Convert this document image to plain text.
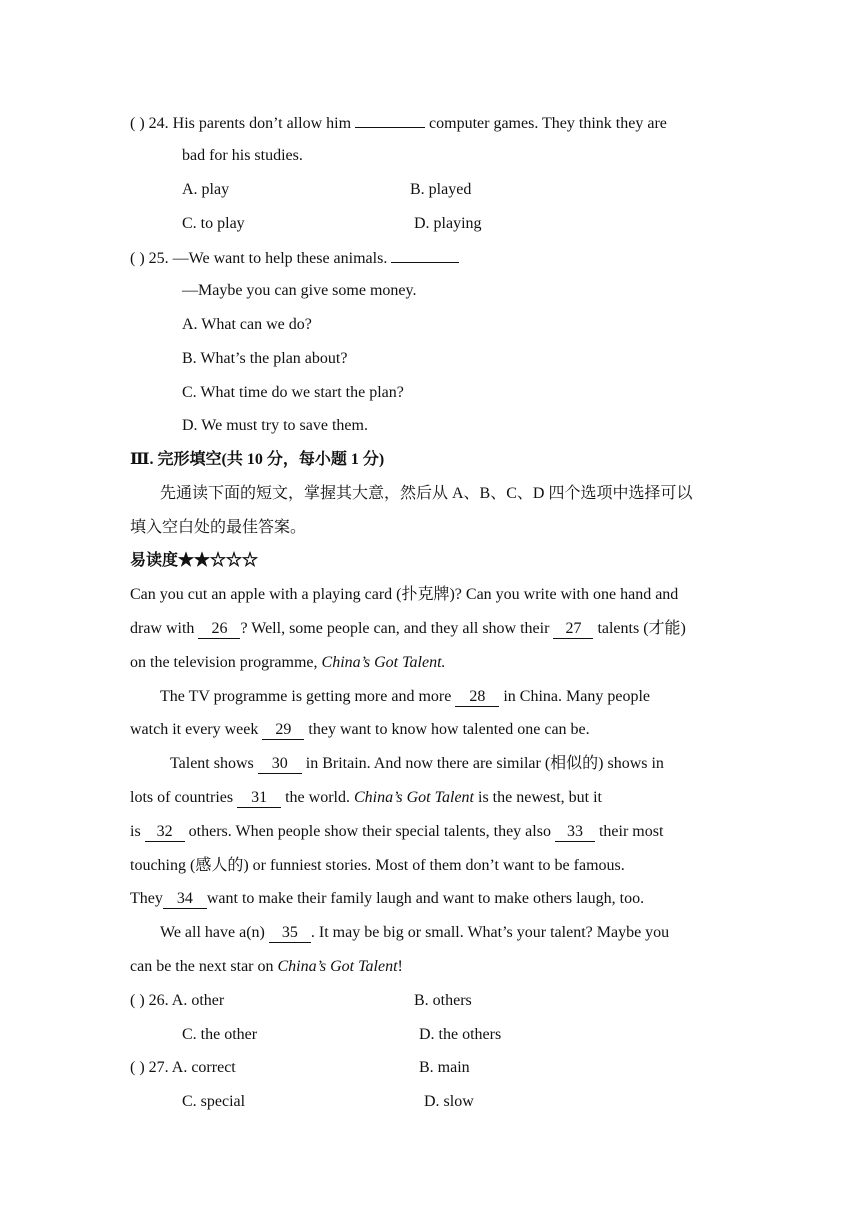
( ) 24. His parents don’t allow him	computer games. They think they are
bad for his studies.
A. play	B. played
C. to play	D. playing
( ) 25. —We want to help these animals.
—Maybe you can give some money.
A. What can we do?
B. What’s the plan about?
C. What time do we start the plan?
D. We must try to save them.
Ⅲ. 完形填空(共 10 分，每小题 1 分)
先通读下面的短文，掌握其大意，然后从 A、B、C、D 四个选项中选择可以
填入空白处的最佳答案。
易读度★★☆☆☆
Can you cut an apple with a playing card (扑克牌)? Can you write with one hand and
draw with 26 ? Well, some people can, and they all show their 27 talents (才能)
on the television programme, China’s Got Talent.
The TV programme is getting more and more 28 in China. Many people
watch it every week 29 they want to know how talented one can be.
Talent shows 30 in Britain. And now there are similar (相似的) shows in
lots of countries 31 the world. China’s Got Talent is the newest, but it
is 32 others. When people show their special talents, they also 33 their most
touching (感人的) or funniest stories. Most of them don’t want to be famous.
They 34 want to make their family laugh and want to make others laugh, too.
We all have a(n) 35 . It may be big or small. What’s your talent? Maybe you
can be the next star on China’s Got Talent!
( ) 26. A. other	B. others
C. the other	D. the others
( ) 27. A. correct	B. main
C. special	D. slow
